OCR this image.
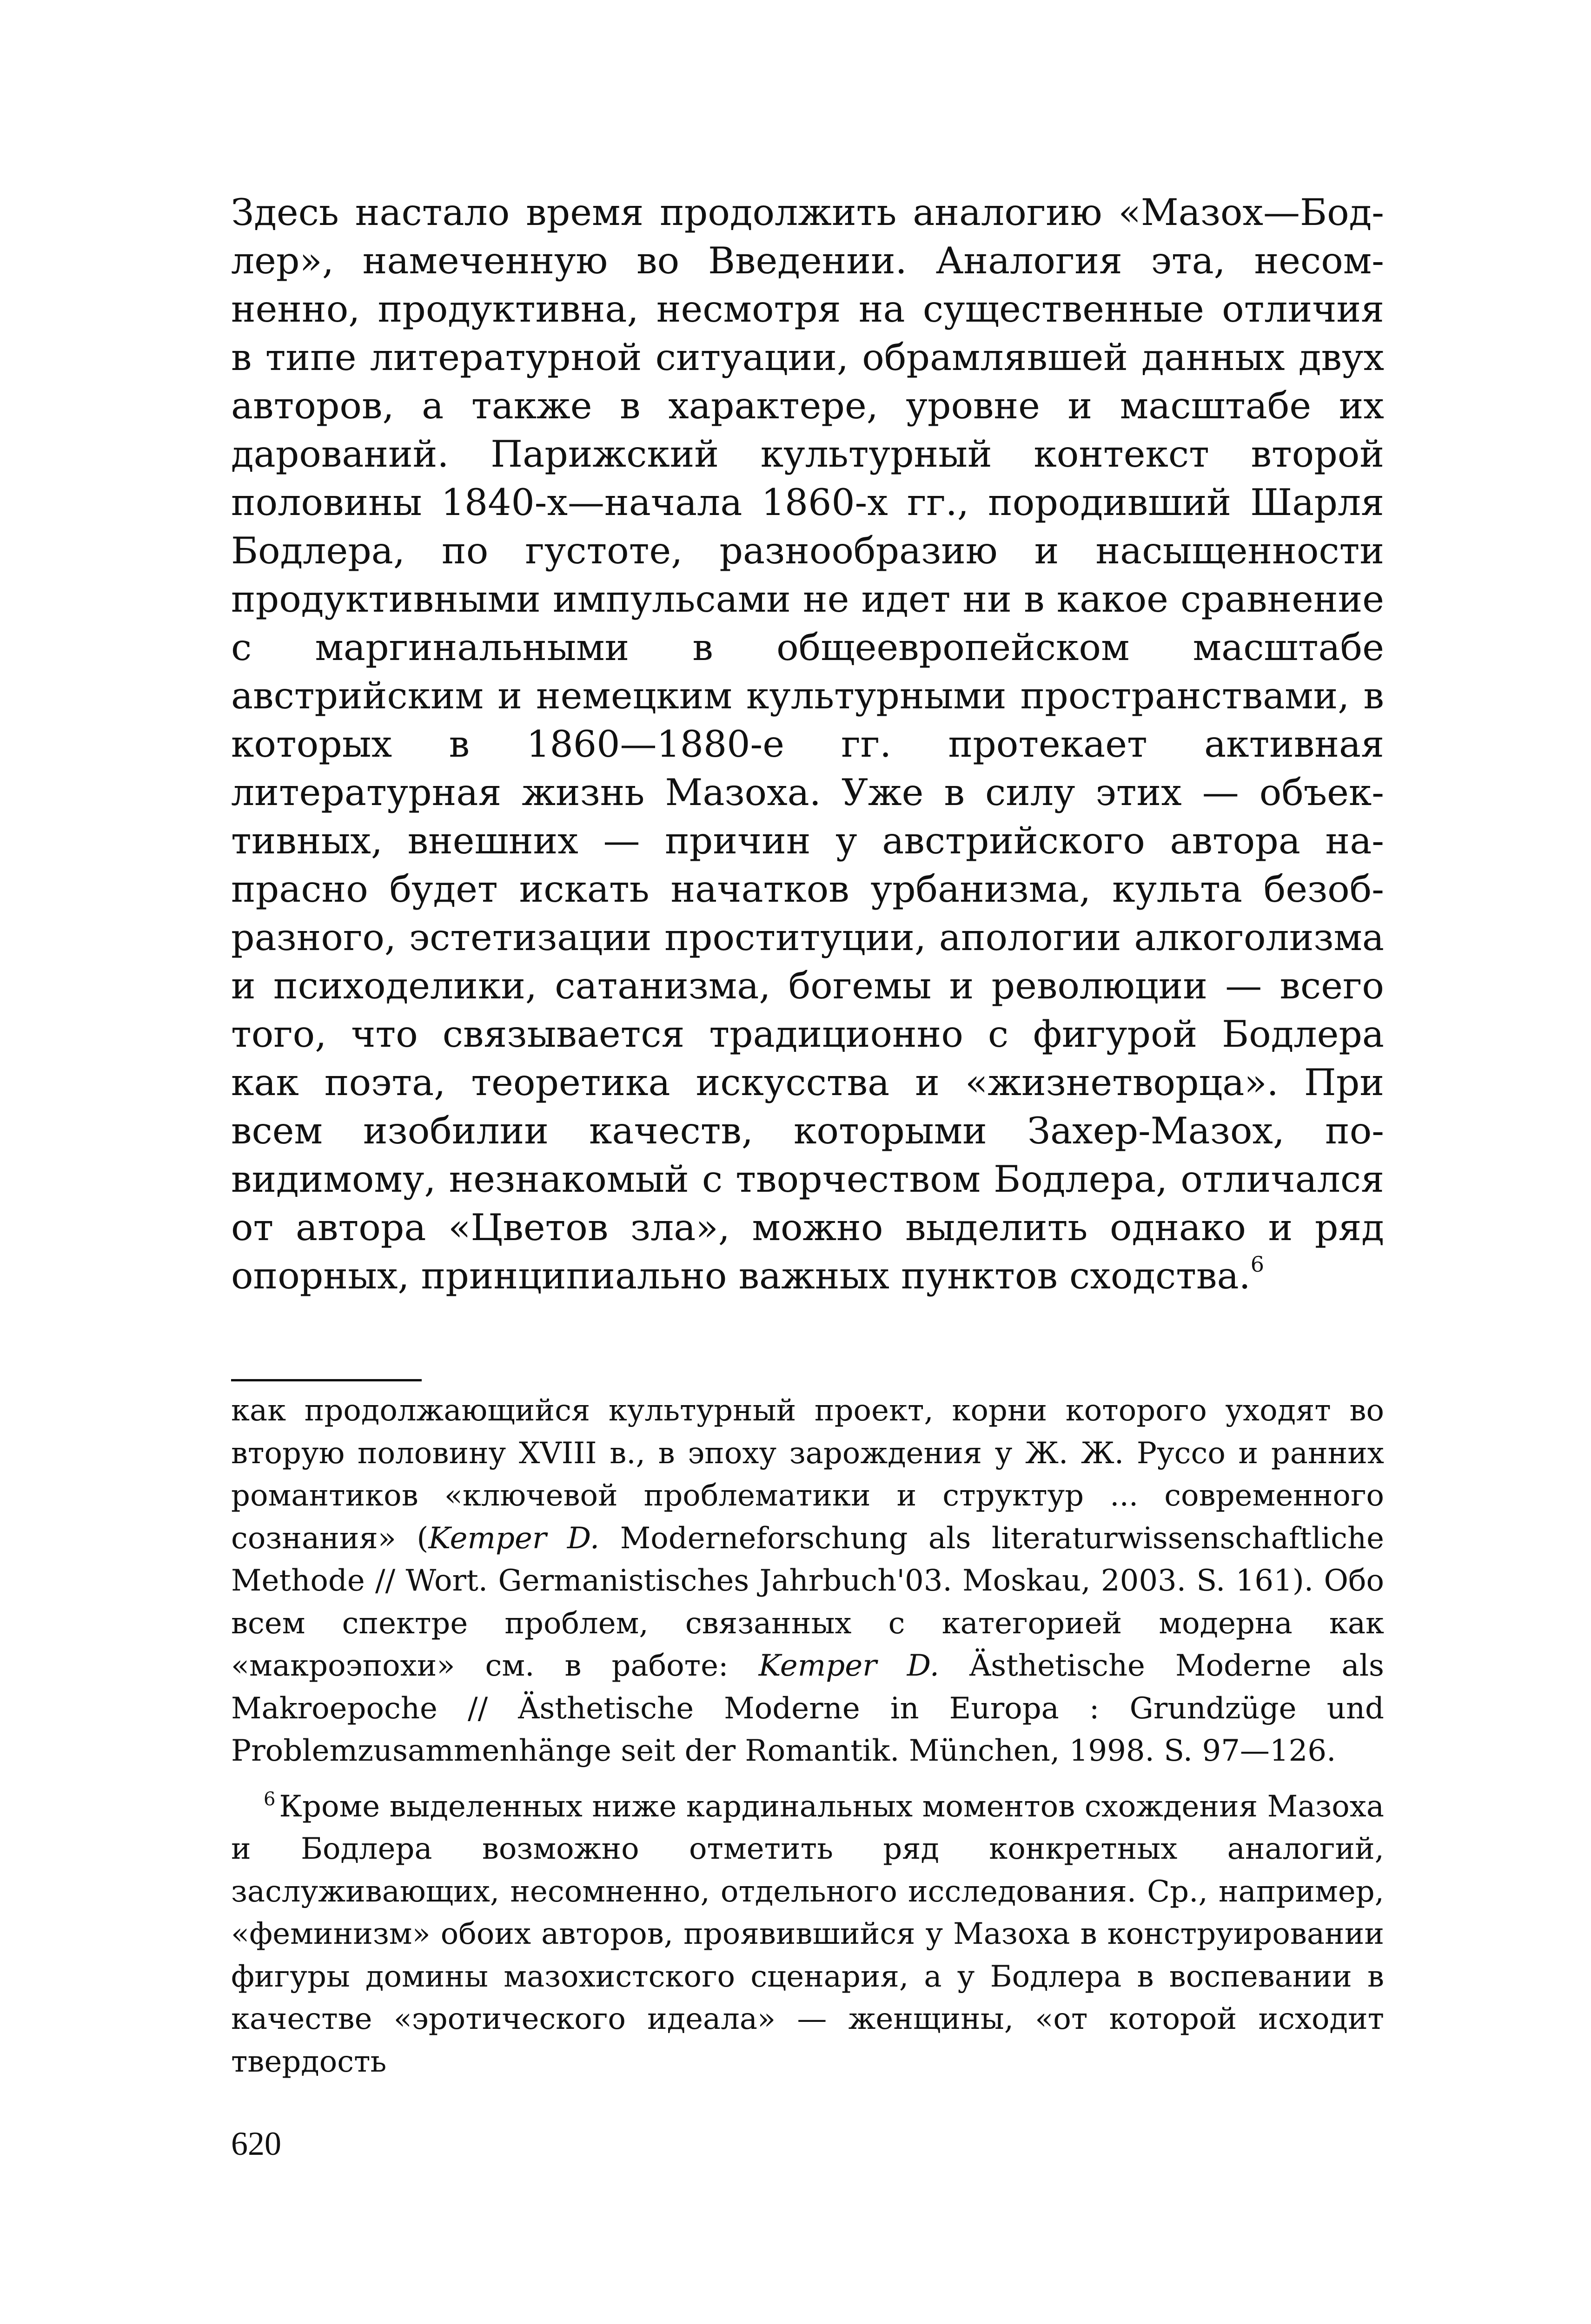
Здесь настало время продолжить аналогию «Мазох—Бодлер», намеченную во Введении. Аналогия эта, несомненно, продуктивна, несмотря на существенные отличия в типе литературной ситуации, обрамлявшей данных двух авторов, а также в характере, уровне и масштабе их дарований. Парижский культурный контекст второй половины 1840-х—начала 1860-х гг., породивший Шарля Бодлера, по густоте, разнообразию и насыщенности продуктивными импульсами не идет ни в какое сравнение с маргинальными в общеевропейском масштабе австрийским и немецким культурными пространствами, в которых в 1860—1880-е гг. протекает активная литературная жизнь Мазоха. Уже в силу этих — объективных, внешних — причин у австрийского автора напрасно будет искать начатков урбанизма, культа безобразного, эстетизации проституции, апологии алкоголизма и психоделики, сатанизма, богемы и революции — всего того, что связывается традиционно с фигурой Бодлера как поэта, теоретика искусства и «жизнетворца». При всем изобилии качеств, которыми Захер-Мазох, по-видимому, незнакомый с творчеством Бодлера, отличался от автора «Цветов зла», можно выделить однако и ряд опорных, принципиально важных пунктов сходства.$^6$

как продолжающийся культурный проект, корни которого уходят во вторую половину XVIII в., в эпоху зарождения у Ж. Ж. Руссо и ранних романтиков «ключевой проблематики и структур ... современного сознания» (Kemper D. Moderneforschung als literaturwissenschaftliche Methode // Wort. Germanistisches Jahrbuch'03. Moskau, 2003. S. 161). Обо всем спектре проблем, связанных с категорией модерна как «макроэпохи» см. в работе: Kemper D. Ästhetische Moderne als Makroepoche // Ästhetische Moderne in Europa : Grundzüge und Problemzusammenhänge seit der Romantik. München, 1998. S. 97—126.

$^6$ Кроме выделенных ниже кардинальных моментов схождения Мазоха и Бодлера возможно отметить ряд конкретных аналогий, заслуживающих, несомненно, отдельного исследования. Ср., например, «феминизм» обоих авторов, проявившийся у Мазоха в конструировании фигуры домины мазохистского сценария, а у Бодлера в воспевании в качестве «эротического идеала» — женщины, «от которой исходит твердость

620
